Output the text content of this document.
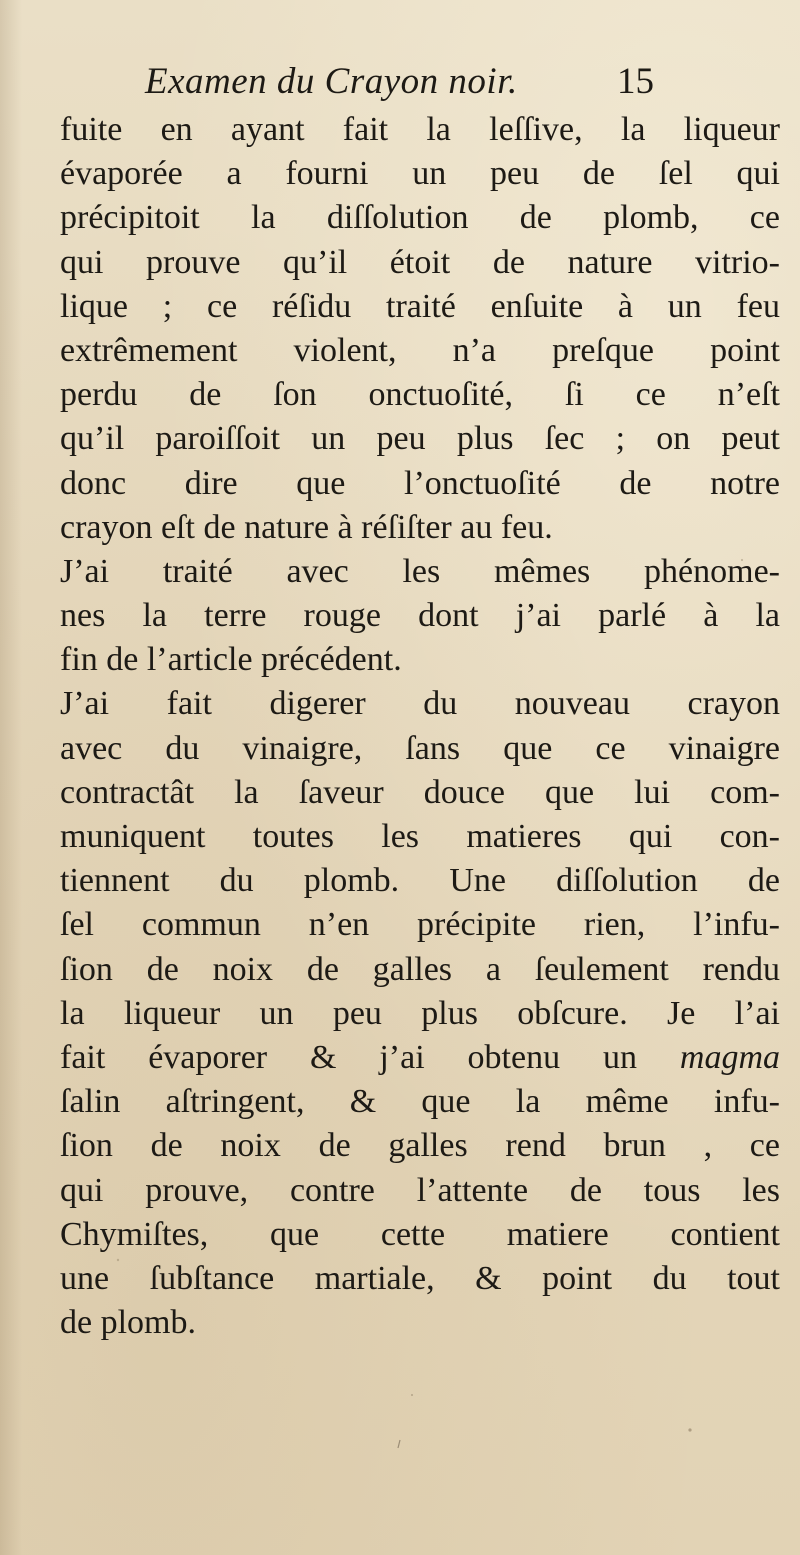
Examen du Crayon noir.	15
fuite en ayant fait la leſſive, la liqueur
évaporée a fourni un peu de ſel qui
précipitoit la diſſolution de plomb, ce
qui prouve qu’il étoit de nature vitrio-
lique ; ce réſidu traité enſuite à un feu
extrêmement violent, n’a preſque point
perdu de ſon onctuoſité, ſi ce n’eſt
qu’il paroiſſoit un peu plus ſec ; on peut
donc dire que l’onctuoſité de notre
crayon eſt de nature à réſiſter au feu.
J’ai traité avec les mêmes phénome-
nes la terre rouge dont j’ai parlé à la
fin de l’article précédent.
J’ai fait digerer du nouveau crayon
avec du vinaigre, ſans que ce vinaigre
contractât la ſaveur douce que lui com-
muniquent toutes les matieres qui con-
tiennent du plomb. Une diſſolution de
ſel commun n’en précipite rien, l’infu-
ſion de noix de galles a ſeulement rendu
la liqueur un peu plus obſcure. Je l’ai
fait évaporer & j’ai obtenu un magma
ſalin aſtringent, & que la même infu-
ſion de noix de galles rend brun , ce
qui prouve, contre l’attente de tous les
Chymiſtes, que cette matiere contient
une ſubſtance martiale, & point du tout
de plomb.
